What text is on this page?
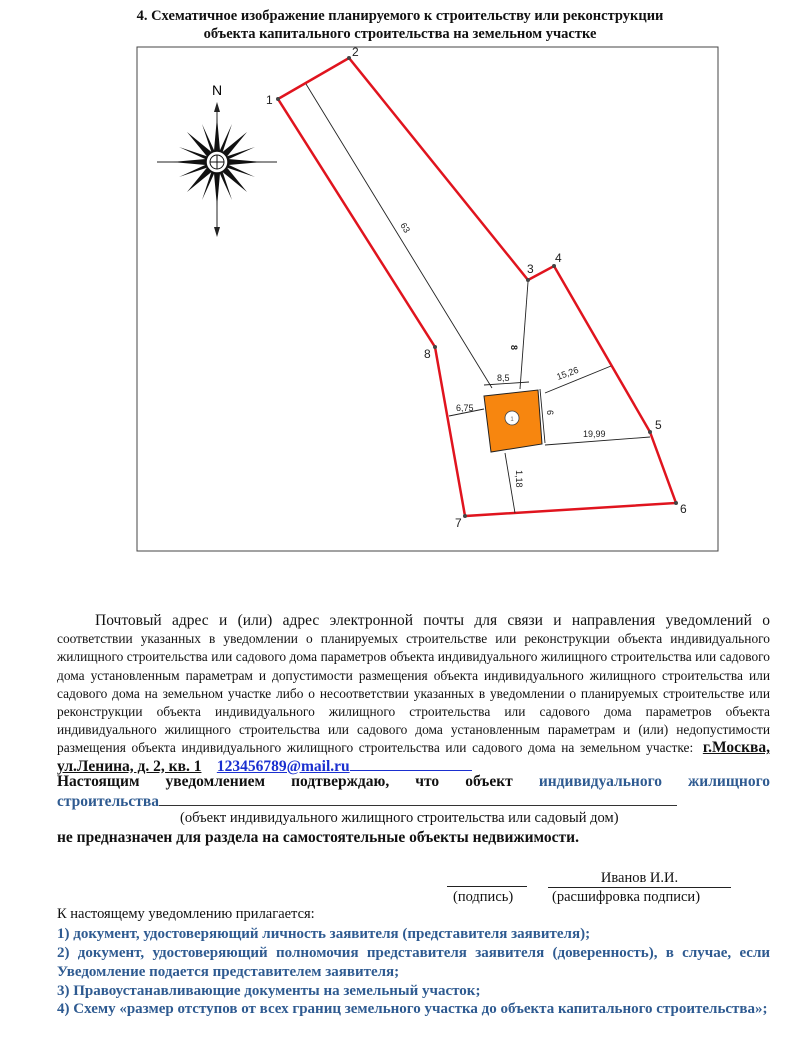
4. Схематичное изображение планируемого к строительству или реконструкции
объекта капитального строительства на земельном участке
N
1
2
3
4
5
6
7
8
63
8
8,5	15,26
6,75	6
19,99
1,18
1
Почтовый адрес и (или) адрес электронной почты для связи и направления уведомлений о соответствии указанных в уведомлении о планируемых строительстве или реконструкции объекта индивидуального жилищного строительства или садового дома параметров объекта индивидуального жилищного строительства или садового дома установленным параметрам и допустимости размещения объекта индивидуального жилищного строительства или садового дома на земельном участке либо о несоответствии указанных в уведомлении о планируемых строительстве или реконструкции объекта индивидуального жилищного строительства или садового дома параметров объекта индивидуального жилищного строительства или садового дома установленным параметрам и (или) недопустимости размещения объекта индивидуального жилищного строительства или садового дома на земельном участке: г.Москва, ул.Ленина, д. 2, кв. 1 123456789@mail.ru
Настоящим уведомлением подтверждаю, что объект индивидуального жилищного
строительства
(объект индивидуального жилищного строительства или садовый дом)
не предназначен для раздела на самостоятельные объекты недвижимости.
Иванов И.И.
(подпись)	(расшифровка подписи)
К настоящему уведомлению прилагается:
1) документ, удостоверяющий личность заявителя (представителя заявителя);
2) документ, удостоверяющий полномочия представителя заявителя (доверенность), в случае, если Уведомление подается представителем заявителя;
3) Правоустанавливающие документы на земельный участок;
4) Схему «размер отступов от всех границ земельного участка до объекта капитального строительства»;
